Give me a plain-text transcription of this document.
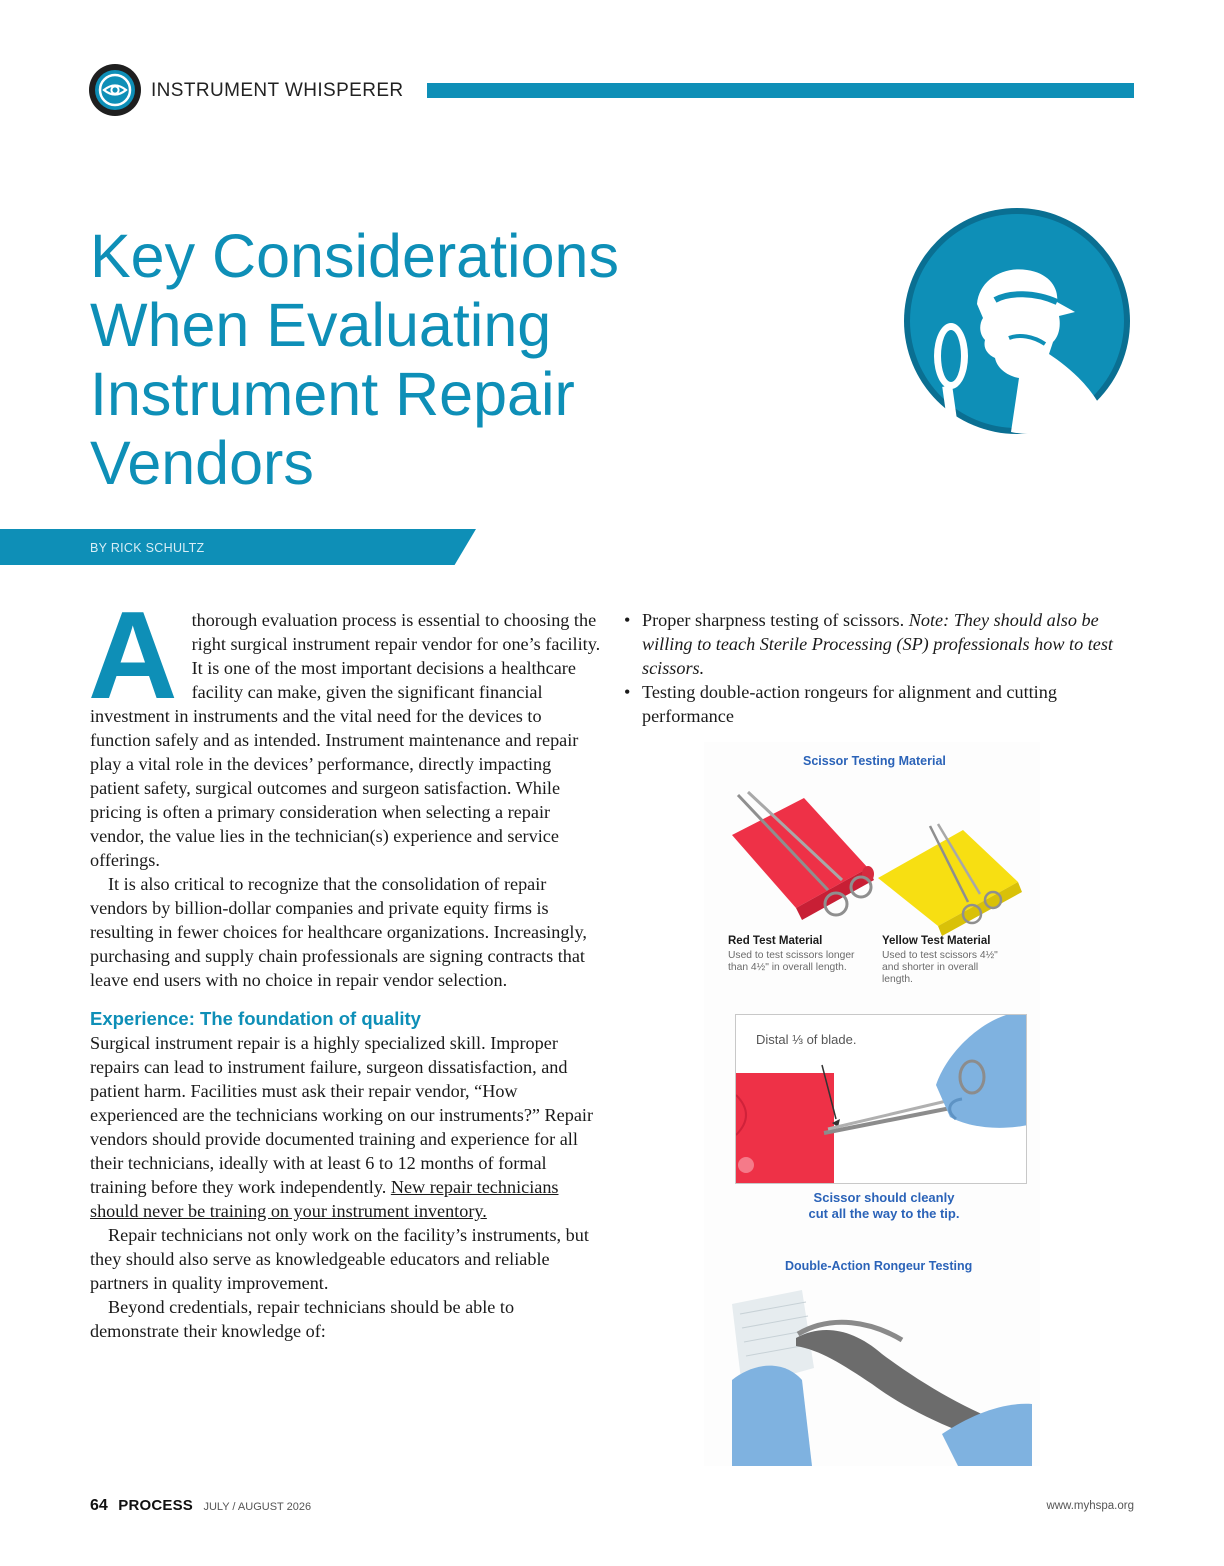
INSTRUMENT WHISPERER
Key Considerations When Evaluating Instrument Repair Vendors
BY RICK SCHULTZ

A thorough evaluation process is essential to choosing the right surgical instrument repair vendor for one’s facility. It is one of the most important decisions a healthcare facility can make, given the significant financial investment in instruments and the vital need for the devices to function safely and as intended. Instrument maintenance and repair play a vital role in the devices’ performance, directly impacting patient safety, surgical outcomes and surgeon satisfaction. While pricing is often a primary consideration when selecting a repair vendor, the value lies in the technician(s) experience and service offerings.

It is also critical to recognize that the consolidation of repair vendors by billion-dollar companies and private equity firms is resulting in fewer choices for healthcare organizations. Increasingly, purchasing and supply chain professionals are signing contracts that leave end users with no choice in repair vendor selection.

Experience: The foundation of quality

Surgical instrument repair is a highly specialized skill. Improper repairs can lead to instrument failure, surgeon dissatisfaction, and patient harm. Facilities must ask their repair vendor, “How experienced are the technicians working on our instruments?” Repair vendors should provide documented training and experience for all their technicians, ideally with at least 6 to 12 months of formal training before they work independently. New repair technicians should never be training on your instrument inventory.

Repair technicians not only work on the facility’s instruments, but they should also serve as knowledgeable educators and reliable partners in quality improvement.

Beyond credentials, repair technicians should be able to demonstrate their knowledge of:

• Proper sharpness testing of scissors. Note: They should also be willing to teach Sterile Processing (SP) professionals how to test scissors.
• Testing double-action rongeurs for alignment and cutting performance
Scissor Testing Material
Red Test Material
Used to test scissors longer than 4½" in overall length.
Yellow Test Material
Used to test scissors 4½" and shorter in overall length.
Distal ⅓ of blade.
Scissor should cleanly
cut all the way to the tip.
Double-Action Rongeur Testing
64 PROCESS JULY / AUGUST 2026	www.myhspa.org
